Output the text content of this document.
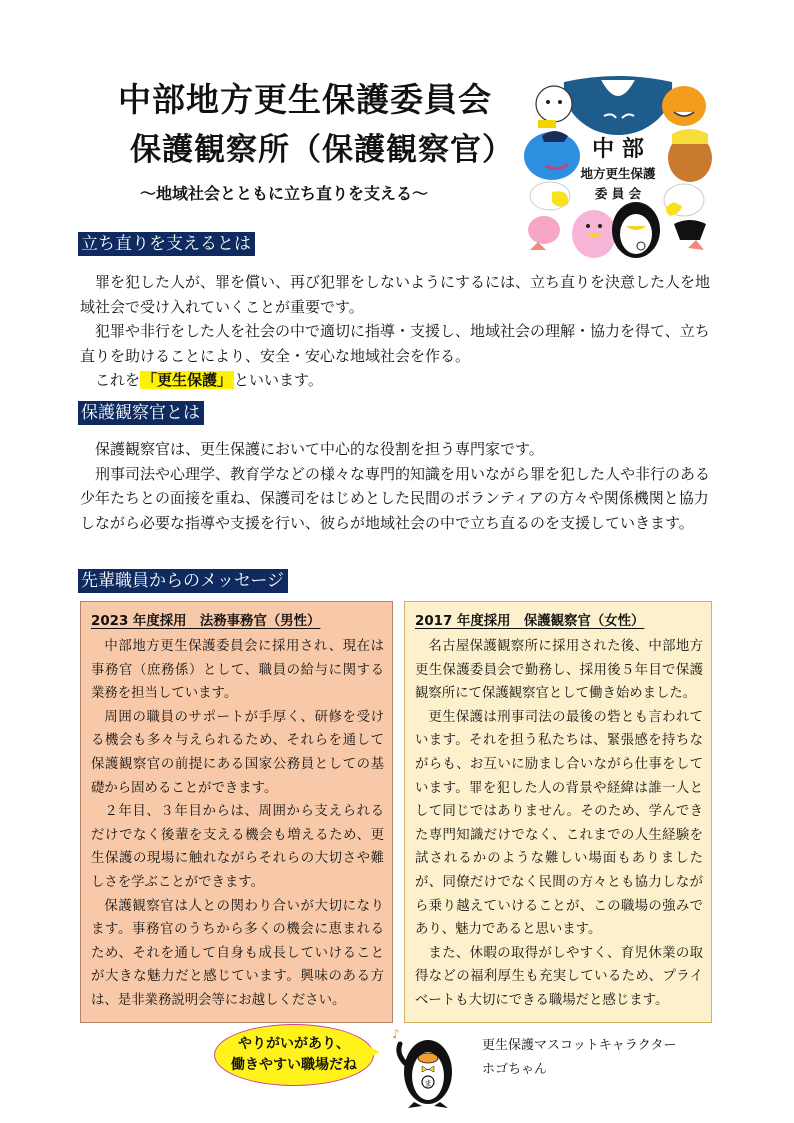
中部地方更生保護委員会
保護観察所（保護観察官）
～地域社会とともに立ち直りを支える～
中 部
地方更生保護
委 員 会
立ち直りを支えるとは

罪を犯した人が、罪を償い、再び犯罪をしないようにするには、立ち直りを決意した人を地域社会で受け入れていくことが重要です。

犯罪や非行をした人を社会の中で適切に指導・支援し、地域社会の理解・協力を得て、立ち直りを助けることにより、安全・安心な地域社会を作る。

これを 「更生保護」 といいます。

保護観察官とは

保護観察官は、更生保護において中心的な役割を担う専門家です。

刑事司法や心理学、教育学などの様々な専門的知識を用いながら罪を犯した人や非行のある少年たちとの面接を重ね、保護司をはじめとした民間のボランティアの方々や関係機関と協力しながら必要な指導や支援を行い、彼らが地域社会の中で立ち直るのを支援していきます。

先輩職員からのメッセージ
2023 年度採用　法務事務官（男性）

中部地方更生保護委員会に採用され、現在は事務官（庶務係）として、職員の給与に関する業務を担当しています。

周囲の職員のサポートが手厚く、研修を受ける機会も多々与えられるため、それらを通して保護観察官の前提にある国家公務員としての基礎から固めることができます。

２年目、３年目からは、周囲から支えられるだけでなく後輩を支える機会も増えるため、更生保護の現場に触れながらそれらの大切さや難しさを学ぶことができます。

保護観察官は人との関わり合いが大切になります。事務官のうちから多くの機会に恵まれるため、それを通して自身も成長していけることが大きな魅力だと感じています。興味のある方は、是非業務説明会等にお越しください。

2017 年度採用　保護観察官（女性）

名古屋保護観察所に採用された後、中部地方更生保護委員会で勤務し、採用後５年目で保護観察所にて保護観察官として働き始めました。

更生保護は刑事司法の最後の砦とも言われています。それを担う私たちは、緊張感を持ちながらも、お互いに励まし合いながら仕事をしています。罪を犯した人の背景や経緯は誰一人として同じではありません。そのため、学んできた専門知識だけでなく、これまでの人生経験を試されるかのような難しい場面もありましたが、同僚だけでなく民間の方々とも協力しながら乗り越えていけることが、この職場の強みであり、魅力であると思います。

また、休暇の取得がしやすく、育児休業の取得などの福利厚生も充実しているため、プライベートも大切にできる職場だと感じます。

やりがいがあり、
働きやすい職場だね
♪
ま
更生保護マスコットキャラクター
ホゴちゃん
